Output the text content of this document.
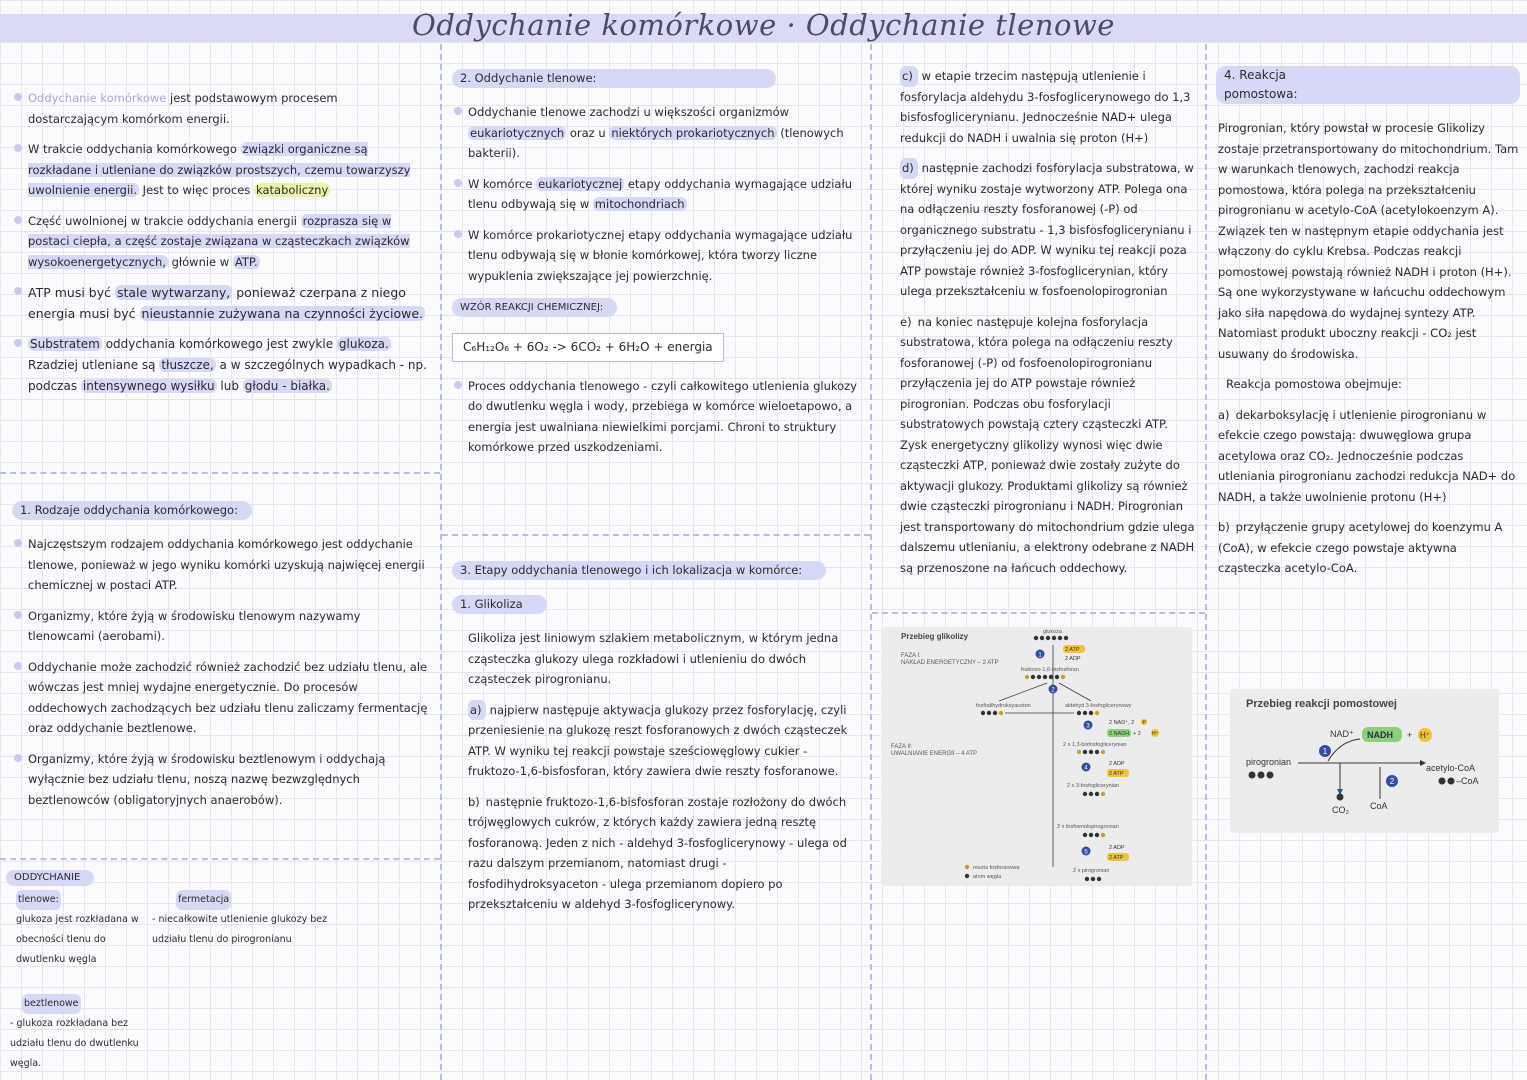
Oddychanie komórkowe · Oddychanie tlenowe

Oddychanie komórkowe jest podstawowym procesem dostarczającym komórkom energii.

W trakcie oddychania komórkowego związki organiczne są rozkładane i utleniane do związków prostszych, czemu towarzyszy uwolnienie energii. Jest to więc proces kataboliczny

Część uwolnionej w trakcie oddychania energii rozprasza się w postaci ciepła, a część zostaje związana w cząsteczkach związków wysokoenergetycznych, głównie w ATP.

ATP musi być stale wytwarzany, ponieważ czerpana z niego energia musi być nieustannie zużywana na czynności życiowe.

Substratem oddychania komórkowego jest zwykle glukoza. Rzadziej utleniane są tłuszcze, a w szczególnych wypadkach - np. podczas intensywnego wysiłku lub głodu - białka.

1. Rodzaje oddychania komórkowego:

Najczęstszym rodzajem oddychania komórkowego jest oddychanie tlenowe, ponieważ w jego wyniku komórki uzyskują najwięcej energii chemicznej w postaci ATP.

Organizmy, które żyją w środowisku tlenowym nazywamy tlenowcami (aerobami).

Oddychanie może zachodzić również zachodzić bez udziału tlenu, ale wówczas jest mniej wydajne energetycznie. Do procesów oddechowych zachodzących bez udziału tlenu zaliczamy fermentację oraz oddychanie beztlenowe.

Organizmy, które żyją w środowisku beztlenowym i oddychają wyłącznie bez udziału tlenu, noszą nazwę bezwzględnych beztlenowców (obligatoryjnych anaerobów).

ODDYCHANIE
tlenowe:
glukoza jest rozkładana w obecności tlenu do dwutlenku węgla
fermetacja
- niecałkowite utlenienie glukozy bez udziału tlenu do pirogronianu
beztlenowe
- glukoza rozkładana bez udziału tlenu do dwutlenku węgla.
2. Oddychanie tlenowe:

Oddychanie tlenowe zachodzi u większości organizmów eukariotycznych oraz u niektórych prokariotycznych (tlenowych bakterii).

W komórce eukariotycznej etapy oddychania wymagające udziału tlenu odbywają się w mitochondriach

W komórce prokariotycznej etapy oddychania wymagające udziału tlenu odbywają się w błonie komórkowej, która tworzy liczne wypuklenia zwiększające jej powierzchnię.

WZÓR REAKCJI CHEMICZNEJ:
C₆H₁₂O₆ + 6O₂ -> 6CO₂ + 6H₂O + energia

Proces oddychania tlenowego - czyli całkowitego utlenienia glukozy do dwutlenku węgla i wody, przebiega w komórce wieloetapowo, a energia jest uwalniana niewielkimi porcjami. Chroni to struktury komórkowe przed uszkodzeniami.

3. Etapy oddychania tlenowego i ich lokalizacja w komórce:
1. Glikoliza

Glikoliza jest liniowym szlakiem metabolicznym, w którym jedna cząsteczka glukozy ulega rozkładowi i utlenieniu do dwóch cząsteczek pirogronianu.

a) najpierw następuje aktywacja glukozy przez fosforylację, czyli przeniesienie na glukozę reszt fosforanowych z dwóch cząsteczek ATP. W wyniku tej reakcji powstaje sześciowęglowy cukier - fruktozo-1,6-bisfosforan, który zawiera dwie reszty fosforanowe.

b) następnie fruktozo-1,6-bisfosforan zostaje rozłożony do dwóch trójwęglowych cukrów, z których każdy zawiera jedną resztę fosforanową. Jeden z nich - aldehyd 3-fosfoglicerynowy - ulega od razu dalszym przemianom, natomiast drugi - fosfodihydroksyaceton - ulega przemianom dopiero po przekształceniu w aldehyd 3-fosfoglicerynowy.

c) w etapie trzecim następują utlenienie i fosforylacja aldehydu 3-fosfoglicerynowego do 1,3 bisfosfoglicerynianu. Jednocześnie NAD+ ulega redukcji do NADH i uwalnia się proton (H+)

d) następnie zachodzi fosforylacja substratowa, w której wyniku zostaje wytworzony ATP. Polega ona na odłączeniu reszty fosforanowej (-P) od organicznego substratu - 1,3 bisfosfoglicerynianu i przyłączeniu jej do ADP. W wyniku tej reakcji poza ATP powstaje również 3-fosfoglicerynian, który ulega przekształceniu w fosfoenolopirogronian

e) na koniec następuje kolejna fosforylacja substratowa, która polega na odłączeniu reszty fosforanowej (-P) od fosfoenolopirogronianu przyłączenia jej do ATP powstaje również pirogronian. Podczas obu fosforylacji substratowych powstają cztery cząsteczki ATP. Zysk energetyczny glikolizy wynosi więc dwie cząsteczki ATP, ponieważ dwie zostały zużyte do aktywacji glukozy. Produktami glikolizy są również dwie cząsteczki pirogronianu i NADH. Pirogronian jest transportowany do mitochondrium gdzie ulega dalszemu utlenianiu, a elektrony odebrane z NADH są przenoszone na łańcuch oddechowy.

Przebieg glikolizy
FAZA I:
NAKŁAD ENERGETYCZNY – 2 ATP
FAZA II:
UWALNIANIE ENERGII – 4 ATP
glukoza
1
2 ATP
2 ADP
fruktozo-1,6-bisfosforan
2
fosfodihydroksyaceton	aldehyd 3-fosfoglicerynowy
3
2 NAD⁺, 2 P
2 NADH + 2 H⁺
2 x 1,3-bisfosfoglicerynian
4
2 ADP
2 ATP
2 x 3-fosfoglicerynian
2 x fosfoenolopirogronian
5
2 ADP
2 ATP
2 x pirogronian
reszta fosforanowa
atom węgla
4. Reakcja pomostowa:

Pirogronian, który powstał w procesie Glikolizy zostaje przetransportowany do mitochondrium. Tam w warunkach tlenowych, zachodzi reakcja pomostowa, która polega na przekształceniu pirogronianu w acetylo-CoA (acetylokoenzym A). Związek ten w następnym etapie oddychania jest włączony do cyklu Krebsa. Podczas reakcji pomostowej powstają również NADH i proton (H+). Są one wykorzystywane w łańcuchu oddechowym jako siła napędowa do wydajnej syntezy ATP. Natomiast produkt uboczny reakcji - CO₂ jest usuwany do środowiska.

Reakcja pomostowa obejmuje:

a) dekarboksylację i utlenienie pirogronianu w efekcie czego powstają: dwuwęglowa grupa acetylowa oraz CO₂. Jednocześnie podczas utleniania pirogronianu zachodzi redukcja NAD+ do NADH, a także uwolnienie protonu (H+)

b) przyłączenie grupy acetylowej do koenzymu A (CoA), w efekcie czego powstaje aktywna cząsteczka acetylo-CoA.

Przebieg reakcji pomostowej
NAD⁺ NADH + H⁺
1
pirogronian
CO₂
2
CoA
acetylo-CoA
–CoA
